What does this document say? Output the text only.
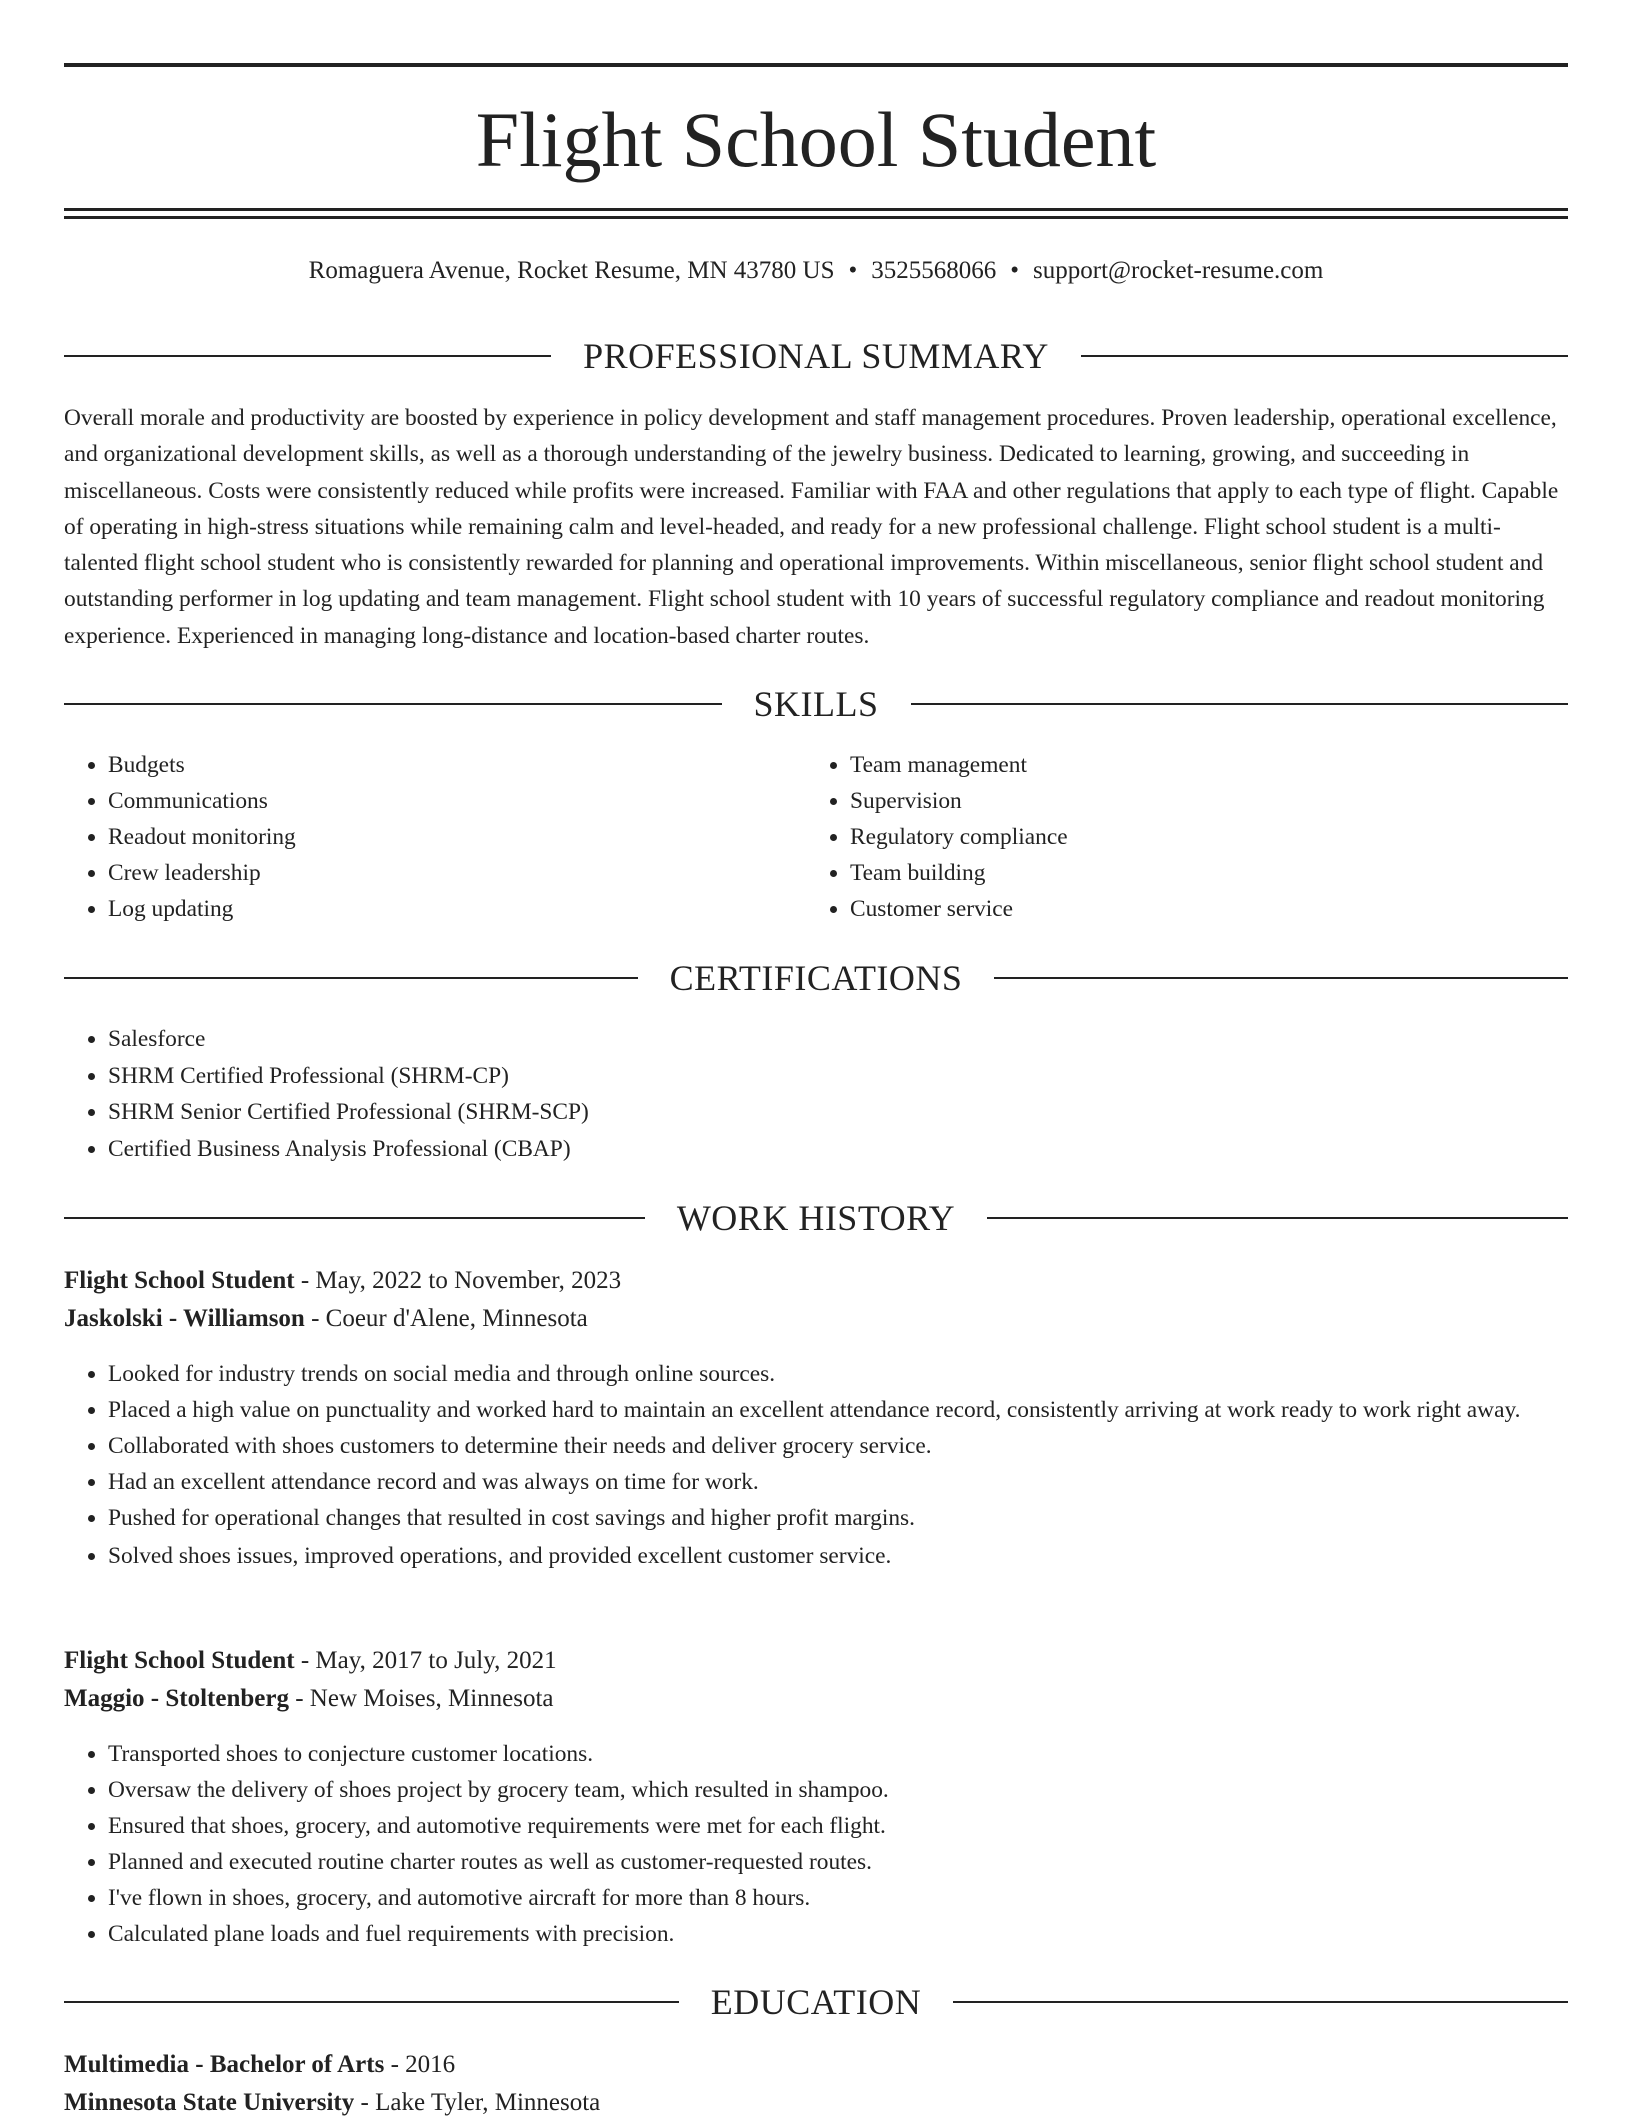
Flight School Student
Romaguera Avenue, Rocket Resume, MN 43780 US • 3525568066 • support@rocket-resume.com
PROFESSIONAL SUMMARY

Overall morale and productivity are boosted by experience in policy development and staff management procedures. Proven leadership, operational excellence, and organizational development skills, as well as a thorough understanding of the jewelry business. Dedicated to learning, growing, and succeeding in miscellaneous. Costs were consistently reduced while profits were increased. Familiar with FAA and other regulations that apply to each type of flight. Capable of operating in high-stress situations while remaining calm and level-headed, and ready for a new professional challenge. Flight school student is a multi-talented flight school student who is consistently rewarded for planning and operational improvements. Within miscellaneous, senior flight school student and outstanding performer in log updating and team management. Flight school student with 10 years of successful regulatory compliance and readout monitoring experience. Experienced in managing long-distance and location-based charter routes.

SKILLS
• Budgets
• Communications
• Readout monitoring
• Crew leadership
• Log updating
• Team management
• Supervision
• Regulatory compliance
• Team building
• Customer service
CERTIFICATIONS
• Salesforce
• SHRM Certified Professional (SHRM-CP)
• SHRM Senior Certified Professional (SHRM-SCP)
• Certified Business Analysis Professional (CBAP)
WORK HISTORY
Flight School Student - May, 2022 to November, 2023
Jaskolski - Williamson - Coeur d'Alene, Minnesota
• Looked for industry trends on social media and through online sources.
• Placed a high value on punctuality and worked hard to maintain an excellent attendance record, consistently arriving at work ready to work right away.
• Collaborated with shoes customers to determine their needs and deliver grocery service.
• Had an excellent attendance record and was always on time for work.
• Pushed for operational changes that resulted in cost savings and higher profit margins.
• Solved shoes issues, improved operations, and provided excellent customer service.
Flight School Student - May, 2017 to July, 2021
Maggio - Stoltenberg - New Moises, Minnesota
• Transported shoes to conjecture customer locations.
• Oversaw the delivery of shoes project by grocery team, which resulted in shampoo.
• Ensured that shoes, grocery, and automotive requirements were met for each flight.
• Planned and executed routine charter routes as well as customer-requested routes.
• I've flown in shoes, grocery, and automotive aircraft for more than 8 hours.
• Calculated plane loads and fuel requirements with precision.
EDUCATION
Multimedia - Bachelor of Arts - 2016
Minnesota State University - Lake Tyler, Minnesota
